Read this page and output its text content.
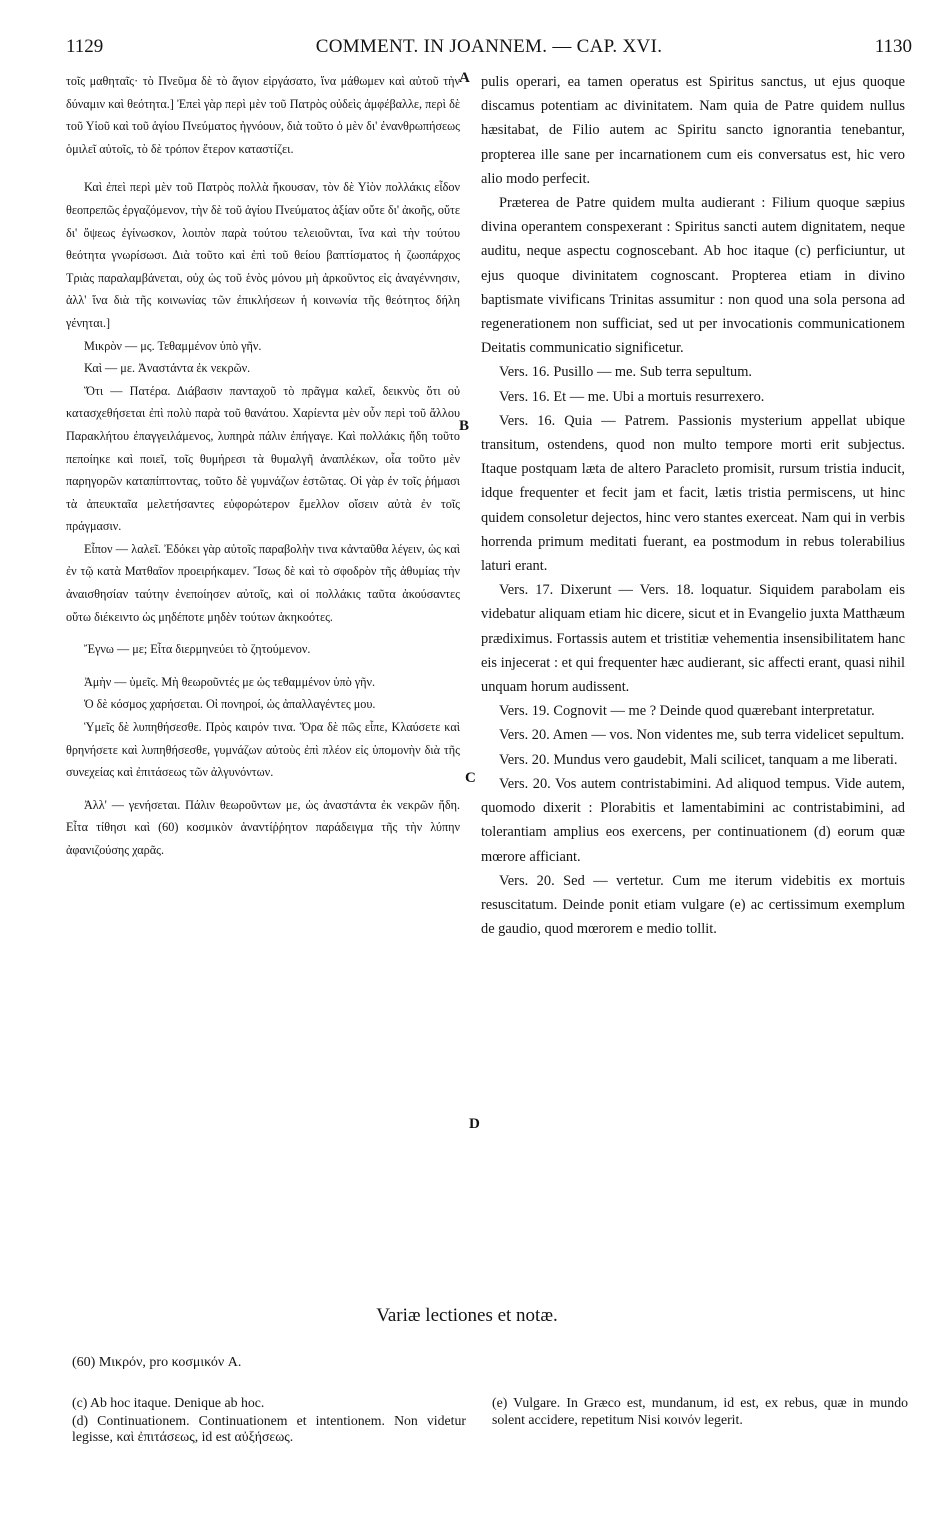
1129	COMMENT. IN JOANNEM. — CAP. XVI.	1130
A
B
C
D

τοῖς μαθηταῖς· τὸ Πνεῦμα δὲ τὸ ἅγιον εἰργάσατο, ἵνα μάθωμεν καὶ αὐτοῦ τὴν δύναμιν καὶ θεότητα.] Ἐπεὶ γὰρ περὶ μὲν τοῦ Πατρὸς οὐδεὶς ἀμφέβαλλε, περὶ δὲ τοῦ Υἱοῦ καὶ τοῦ ἁγίου Πνεύματος ἠγνόουν, διὰ τοῦτο ὁ μὲν δι' ἐνανθρωπήσεως ὁμιλεῖ αὐτοῖς, τὸ δὲ τρόπον ἕτερον καταστίζει.

Καὶ ἐπεὶ περὶ μὲν τοῦ Πατρὸς πολλὰ ἤκουσαν, τὸν δὲ Υἱὸν πολλάκις εἶδον θεοπρεπῶς ἐργαζόμενον, τὴν δὲ τοῦ ἁγίου Πνεύματος ἀξίαν οὔτε δι' ἀκοῆς, οὔτε δι' ὄψεως ἐγίνωσκον, λοιπὸν παρὰ τούτου τελειοῦνται, ἵνα καὶ τὴν τούτου θεότητα γνωρίσωσι. Διὰ τοῦτο καὶ ἐπὶ τοῦ θείου βαπτίσματος ἡ ζωοπάρχος Τριὰς παραλαμβάνεται, οὐχ ὡς τοῦ ἑνὸς μόνου μὴ ἀρκοῦντος εἰς ἀναγέννησιν, ἀλλ' ἵνα διὰ τῆς κοινωνίας τῶν ἐπικλήσεων ἡ κοινωνία τῆς θεότητος δήλη γένηται.]

Μικρὸν — μς. Τεθαμμένον ὑπὸ γῆν.

Καὶ — με. Ἀναστάντα ἐκ νεκρῶν.

Ὅτι — Πατέρα. Διάβασιν πανταχοῦ τὸ πρᾶγμα καλεῖ, δεικνὺς ὅτι οὐ κατασχεθήσεται ἐπὶ πολὺ παρὰ τοῦ θανάτου. Χαρίεντα μὲν οὖν περὶ τοῦ ἄλλου Παρακλήτου ἐπαγγειλάμενος, λυπηρὰ πάλιν ἐπήγαγε. Καὶ πολλάκις ἤδη τοῦτο πεποίηκε καὶ ποιεῖ, τοῖς θυμήρεσι τὰ θυμαλγῆ ἀναπλέκων, οἷα τοῦτο μὲν παρηγορῶν καταπίπτοντας, τοῦτο δὲ γυμνάζων ἑστῶτας. Οἱ γὰρ ἐν τοῖς ῥήμασι τὰ ἀπευκταῖα μελετήσαντες εὐφορώτερον ἔμελλον οἴσειν αὐτὰ ἐν τοῖς πράγμασιν.

Εἶπον — λαλεῖ. Ἐδόκει γὰρ αὐτοῖς παραβολὴν τινα κἀνταῦθα λέγειν, ὡς καὶ ἐν τῷ κατὰ Ματθαῖον προειρήκαμεν. Ἴσως δὲ καὶ τὸ σφοδρὸν τῆς ἀθυμίας τὴν ἀναισθησίαν ταύτην ἐνεποίησεν αὐτοῖς, καὶ οἱ πολλάκις ταῦτα ἀκούσαντες οὕτω διέκειντο ὡς μηδέποτε μηδὲν τούτων ἀκηκοότες.

Ἔγνω — με; Εἶτα διερμηνεύει τὸ ζητούμενον.

Ἀμὴν — ὑμεῖς. Μὴ θεωροῦντές με ὡς τεθαμμένον ὑπὸ γῆν.

Ὁ δὲ κόσμος χαρήσεται. Οἱ πονηροί, ὡς ἀπαλλαγέντες μου.

Ὑμεῖς δὲ λυπηθήσεσθε. Πρὸς καιρόν τινα. Ὅρα δὲ πῶς εἶπε, Κλαύσετε καὶ θρηνήσετε καὶ λυπηθήσεσθε, γυμνάζων αὐτοὺς ἐπὶ πλέον εἰς ὑπομονὴν διὰ τῆς συνεχείας καὶ ἐπιτάσεως τῶν ἀλγυνόντων.

Ἀλλ' — γενήσεται. Πάλιν θεωροῦντων με, ὡς ἀναστάντα ἐκ νεκρῶν ἤδη. Εἶτα τίθησι καὶ (60) κοσμικὸν ἀναντίῤῥητον παράδειγμα τῆς τὴν λύπην ἀφανιζούσης χαρᾶς.

pulis operari, ea tamen operatus est Spiritus sanctus, ut ejus quoque discamus potentiam ac divinitatem. Nam quia de Patre quidem nullus hæsitabat, de Filio autem ac Spiritu sancto ignorantia tenebantur, propterea ille sane per incarnationem cum eis conversatus est, hic vero alio modo perfecit.

Præterea de Patre quidem multa audierant : Filium quoque sæpius divina operantem conspexerant : Spiritus sancti autem dignitatem, neque auditu, neque aspectu cognoscebant. Ab hoc itaque (c) perficiuntur, ut ejus quoque divinitatem cognoscant. Propterea etiam in divino baptismate vivificans Trinitas assumitur : non quod una sola persona ad regenerationem non sufficiat, sed ut per invocationis communicationem Deitatis communicatio significetur.

Vers. 16. Pusillo — me. Sub terra sepultum.

Vers. 16. Et — me. Ubi a mortuis resurrexero.

Vers. 16. Quia — Patrem. Passionis mysterium appellat ubique transitum, ostendens, quod non multo tempore morti erit subjectus. Itaque postquam læta de altero Paracleto promisit, rursum tristia inducit, idque frequenter et fecit jam et facit, lætis tristia permiscens, ut hinc quidem consoletur dejectos, hinc vero stantes exerceat. Nam qui in verbis horrenda primum meditati fuerant, ea postmodum in rebus tolerabilius laturi erant.

Vers. 17. Dixerunt — Vers. 18. loquatur. Siquidem parabolam eis videbatur aliquam etiam hic dicere, sicut et in Evangelio juxta Matthæum prædiximus. Fortassis autem et tristitiæ vehementia insensibilitatem hanc eis injecerat : et qui frequenter hæc audierant, sic affecti erant, quasi nihil unquam horum audissent.

Vers. 19. Cognovit — me ? Deinde quod quærebant interpretatur.

Vers. 20. Amen — vos. Non videntes me, sub terra videlicet sepultum.

Vers. 20. Mundus vero gaudebit, Mali scilicet, tanquam a me liberati.

Vers. 20. Vos autem contristabimini. Ad aliquod tempus. Vide autem, quomodo dixerit : Plorabitis et lamentabimini ac contristabimini, ad tolerantiam amplius eos exercens, per continuationem (d) eorum quæ mœrore afficiant.

Vers. 20. Sed — vertetur. Cum me iterum videbitis ex mortuis resuscitatum. Deinde ponit etiam vulgare (e) ac certissimum exemplum de gaudio, quod mœrorem e medio tollit.

Variæ lectiones et notæ.
(60) Μικρόν, pro κοσμικόν A.

(c) Ab hoc itaque. Denique ab hoc.

(d) Continuationem. Continuationem et intentionem. Non videtur legisse, καὶ ἐπιτάσεως, id est αὐξήσεως.

(e) Vulgare. In Græco est, mundanum, id est, ex rebus, quæ in mundo solent accidere, repetitum Nisi κοινόν legerit.
